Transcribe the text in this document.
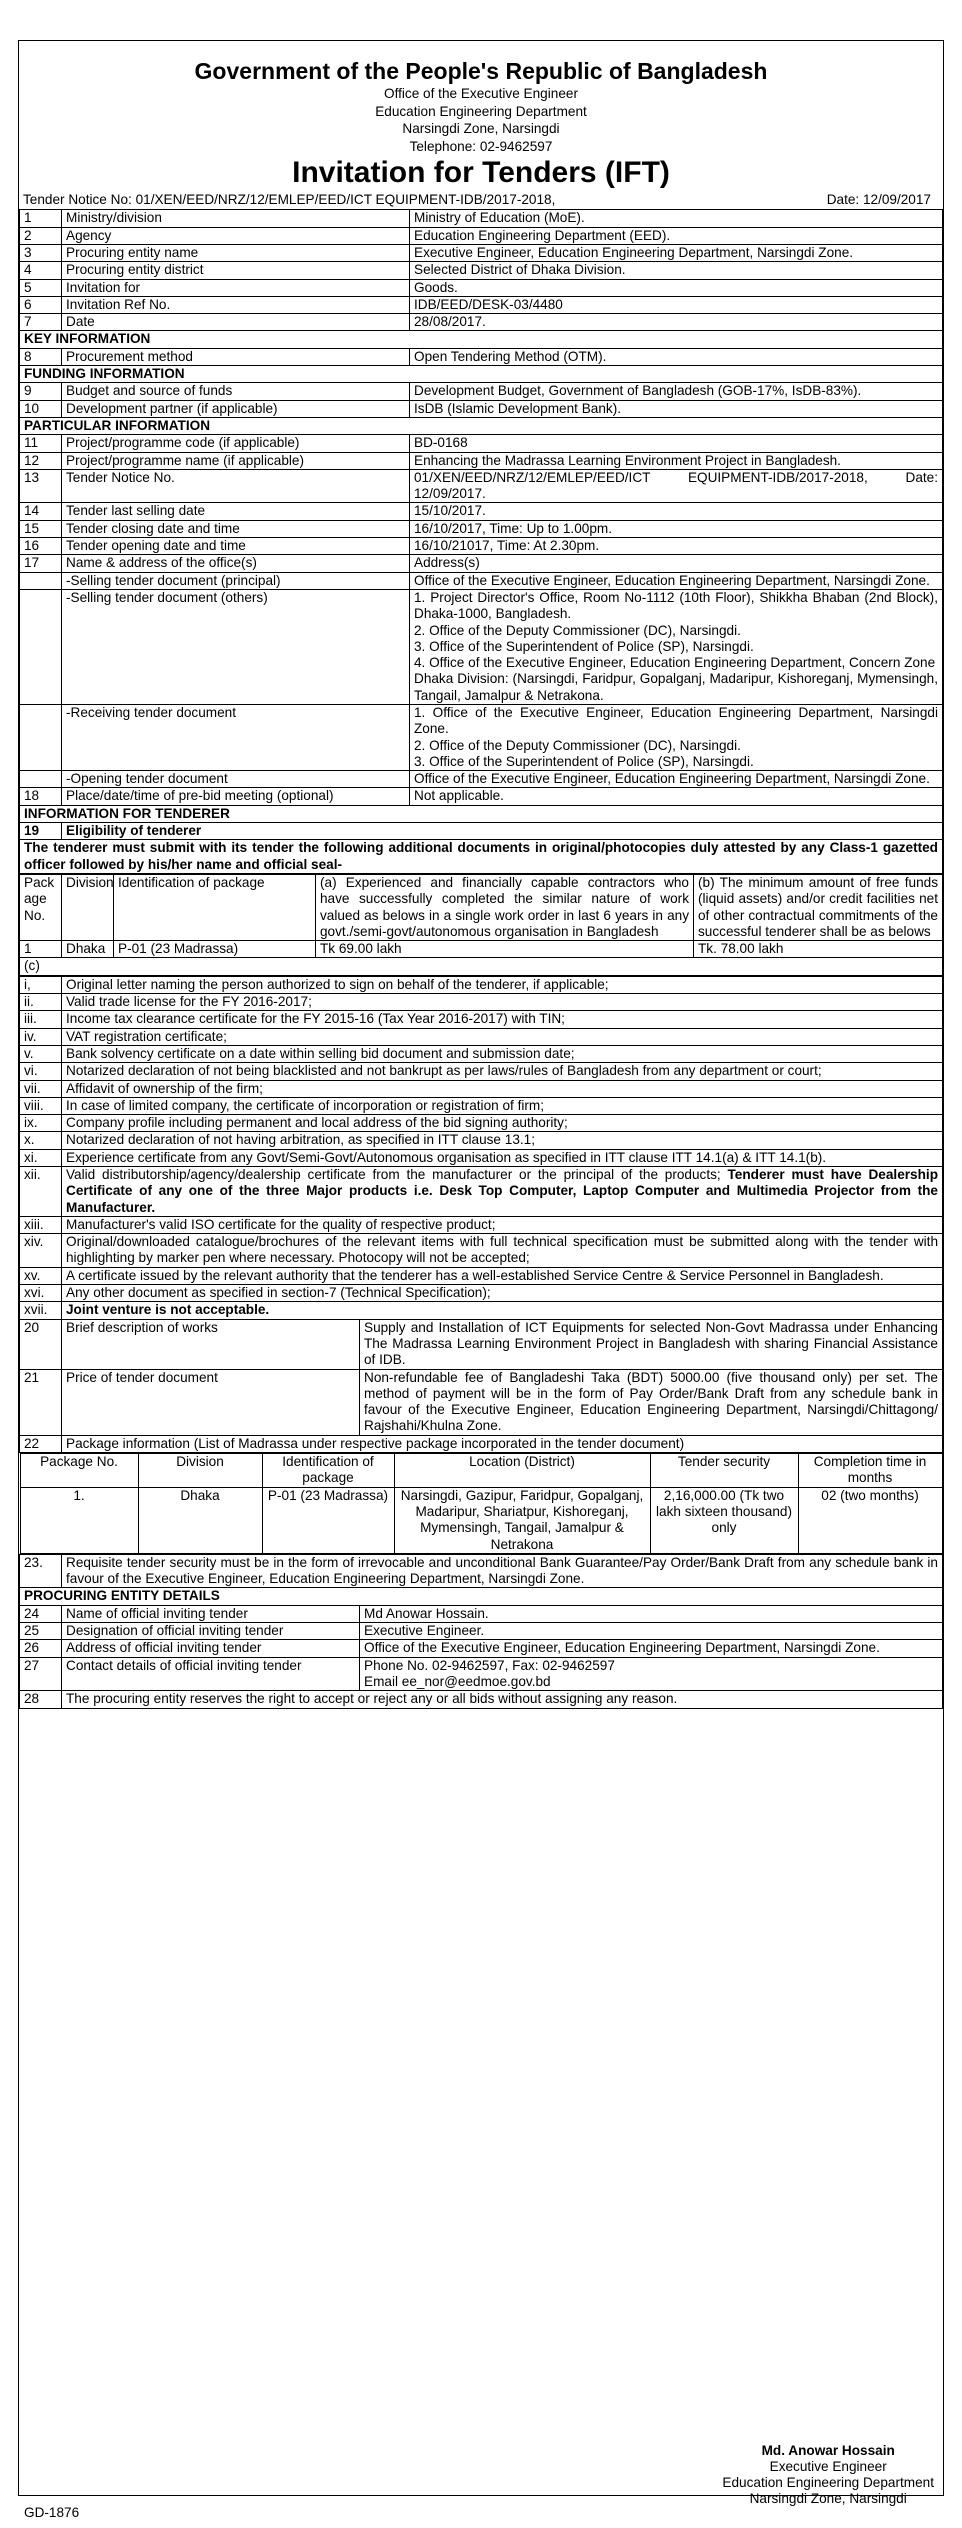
Government of the People's Republic of Bangladesh
Office of the Executive Engineer
Education Engineering Department
Narsingdi Zone, Narsingdi
Telephone: 02-9462597
Invitation for Tenders (IFT)
Tender Notice No: 01/XEN/EED/NRZ/12/EMLEP/EED/ICT EQUIPMENT-IDB/2017-2018,	Date: 12/09/2017
1	Ministry/division	Ministry of Education (MoE).
2	Agency	Education Engineering Department (EED).
3	Procuring entity name	Executive Engineer, Education Engineering Department, Narsingdi Zone.
4	Procuring entity district	Selected District of Dhaka Division.
5	Invitation for	Goods.
6	Invitation Ref No.	IDB/EED/DESK-03/4480
7	Date	28/08/2017.
KEY INFORMATION		
8	Procurement method	Open Tendering Method (OTM).
FUNDING INFORMATION		
9	Budget and source of funds	Development Budget, Government of Bangladesh (GOB-17%, IsDB-83%).
10	Development partner (if applicable)	IsDB (Islamic Development Bank).
PARTICULAR INFORMATION		
11	Project/programme code (if applicable)	BD-0168
12	Project/programme name (if applicable)	Enhancing the Madrassa Learning Environment Project in Bangladesh.
13	Tender Notice No.	01/XEN/EED/NRZ/12/EMLEP/EED/ICT EQUIPMENT-IDB/2017-2018, Date: 12/09/2017.
14	Tender last selling date	15/10/2017.
15	Tender closing date and time	16/10/2017, Time: Up to 1.00pm.
16	Tender opening date and time	16/10/21017, Time: At 2.30pm.
17	Name & address of the office(s)	Address(s)
	-Selling tender document (principal)	Office of the Executive Engineer, Education Engineering Department, Narsingdi Zone.
	-Selling tender document (others)	1. Project Director's Office, Room No-1112 (10th Floor), Shikkha Bhaban (2nd Block), Dhaka-1000, Bangladesh.
2. Office of the Deputy Commissioner (DC), Narsingdi.
3. Office of the Superintendent of Police (SP), Narsingdi.
4. Office of the Executive Engineer, Education Engineering Department, Concern Zone
Dhaka Division: (Narsingdi, Faridpur, Gopalganj, Madaripur, Kishoreganj, Mymensingh, Tangail, Jamalpur & Netrakona.
	-Receiving tender document	1. Office of the Executive Engineer, Education Engineering Department, Narsingdi Zone.
2. Office of the Deputy Commissioner (DC), Narsingdi.
3. Office of the Superintendent of Police (SP), Narsingdi.
	-Opening tender document	Office of the Executive Engineer, Education Engineering Department, Narsingdi Zone.
18	Place/date/time of pre-bid meeting (optional)	Not applicable.
INFORMATION FOR TENDERER		
19	Eligibility of tenderer	
The tenderer must submit with its tender the following additional documents in original/photocopies duly attested by any Class-1 gazetted officer followed by his/her name and official seal-		
Pack age No.	Division	Identification of package	(a) Experienced and financially capable contractors who have successfully completed the similar nature of work valued as belows in a single work order in last 6 years in any govt./semi-govt/autonomous organisation in Bangladesh	(b) The minimum amount of free funds (liquid assets) and/or credit facilities net of other contractual commitments of the successful tenderer shall be as belows
1	Dhaka	P-01 (23 Madrassa)	Tk 69.00 lakh	Tk. 78.00 lakh
(c)				
i,	Original letter naming the person authorized to sign on behalf of the tenderer, if applicable;
ii.	Valid trade license for the FY 2016-2017;
iii.	Income tax clearance certificate for the FY 2015-16 (Tax Year 2016-2017) with TIN;
iv.	VAT registration certificate;
v.	Bank solvency certificate on a date within selling bid document and submission date;
vi.	Notarized declaration of not being blacklisted and not bankrupt as per laws/rules of Bangladesh from any department or court;
vii.	Affidavit of ownership of the firm;
viii.	In case of limited company, the certificate of incorporation or registration of firm;
ix.	Company profile including permanent and local address of the bid signing authority;
x.	Notarized declaration of not having arbitration, as specified in ITT clause 13.1;
xi.	Experience certificate from any Govt/Semi-Govt/Autonomous organisation as specified in ITT clause ITT 14.1(a) & ITT 14.1(b).
xii.	Valid distributorship/agency/dealership certificate from the manufacturer or the principal of the products; Tenderer must have Dealership Certificate of any one of the three Major products i.e. Desk Top Computer, Laptop Computer and Multimedia Projector from the Manufacturer.
xiii.	Manufacturer's valid ISO certificate for the quality of respective product;
xiv.	Original/downloaded catalogue/brochures of the relevant items with full technical specification must be submitted along with the tender with highlighting by marker pen where necessary. Photocopy will not be accepted;
xv.	A certificate issued by the relevant authority that the tenderer has a well-established Service Centre & Service Personnel in Bangladesh.
xvi.	Any other document as specified in section-7 (Technical Specification);
xvii.	Joint venture is not acceptable.
20	Brief description of works	Supply and Installation of ICT Equipments for selected Non-Govt Madrassa under Enhancing The Madrassa Learning Environment Project in Bangladesh with sharing Financial Assistance of IDB.
21	Price of tender document	Non-refundable fee of Bangladeshi Taka (BDT) 5000.00 (five thousand only) per set. The method of payment will be in the form of Pay Order/Bank Draft from any schedule bank in favour of the Executive Engineer, Education Engineering Department, Narsingdi/Chittagong/ Rajshahi/Khulna Zone.
22	Package information (List of Madrassa under respective package incorporated in the tender document)

Package No.	Division	Identification of package	Location (District)	Tender security	Completion time in months
1.	Dhaka	P-01 (23 Madrassa)	Narsingdi, Gazipur, Faridpur, Gopalganj, Madaripur, Shariatpur, Kishoreganj, Mymensingh, Tangail, Jamalpur & Netrakona	2,16,000.00 (Tk two lakh sixteen thousand) only	02 (two months)

23.	Requisite tender security must be in the form of irrevocable and unconditional Bank Guarantee/Pay Order/Bank Draft from any schedule bank in favour of the Executive Engineer, Education Engineering Department, Narsingdi Zone.
PROCURING ENTITY DETAILS
24	Name of official inviting tender	Md Anowar Hossain.
25	Designation of official inviting tender	Executive Engineer.
26	Address of official inviting tender	Office of the Executive Engineer, Education Engineering Department, Narsingdi Zone.
27	Contact details of official inviting tender	Phone No. 02-9462597, Fax: 02-9462597
Email ee_nor@eedmoe.gov.bd
28	The procuring entity reserves the right to accept or reject any or all bids without assigning any reason.
Md. Anowar Hossain
Executive Engineer
Education Engineering Department
Narsingdi Zone, Narsingdi
GD-1876
